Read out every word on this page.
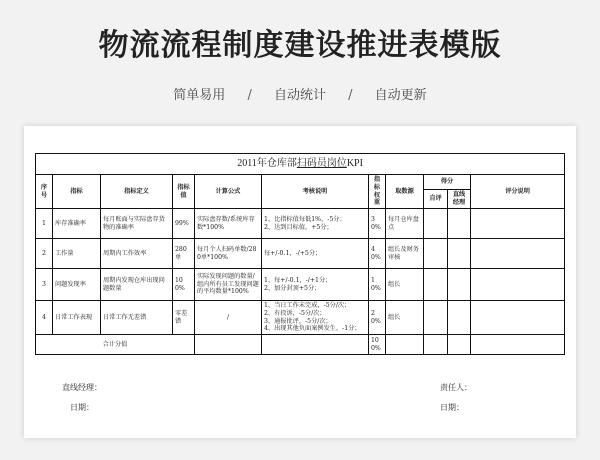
物流流程制度建设推进表模版
简单易用 / 自动统计 / 自动更新
2011年仓库部扫码员岗位KPI										
序号	指标	指标定义	指标值	计算公式	考核说明	指标权重	取数源	得分		评分说明
								自评	直线经理	
1	库存准确率	每月账面与实际盘存货物的准确率	99%	实际盘存数/系统库存数*100%	1、比指标值每低1%，-5分；
2、达到目标值，+5分；	30%	每月仓库盘点			
2	工作量	周期内工作效率	280单	每月个人扫码单数/280单*100%	每+/-0.1，-/+5分；	40%	组长及财务审核			
3	问题发现率	周期内发现仓库出现问题数量	100%	实际发现问题的数量/组内所有员工发现问题的平均数量*100%	1、每+/-0.1，-/+1分；
2、加分封顶+5分；	10%	组长			
4	日常工作表现	日常工作无差错	零差错	/	1、当日工作未完成，-5分/次；
2、有投诉，-5分/次；
3、通报批评，-5分/次；
4、出现其他负面案例发生，-1分；	20%	组长			
合计分值						100%				
直线经理：	责任人：
日期：	日期：
